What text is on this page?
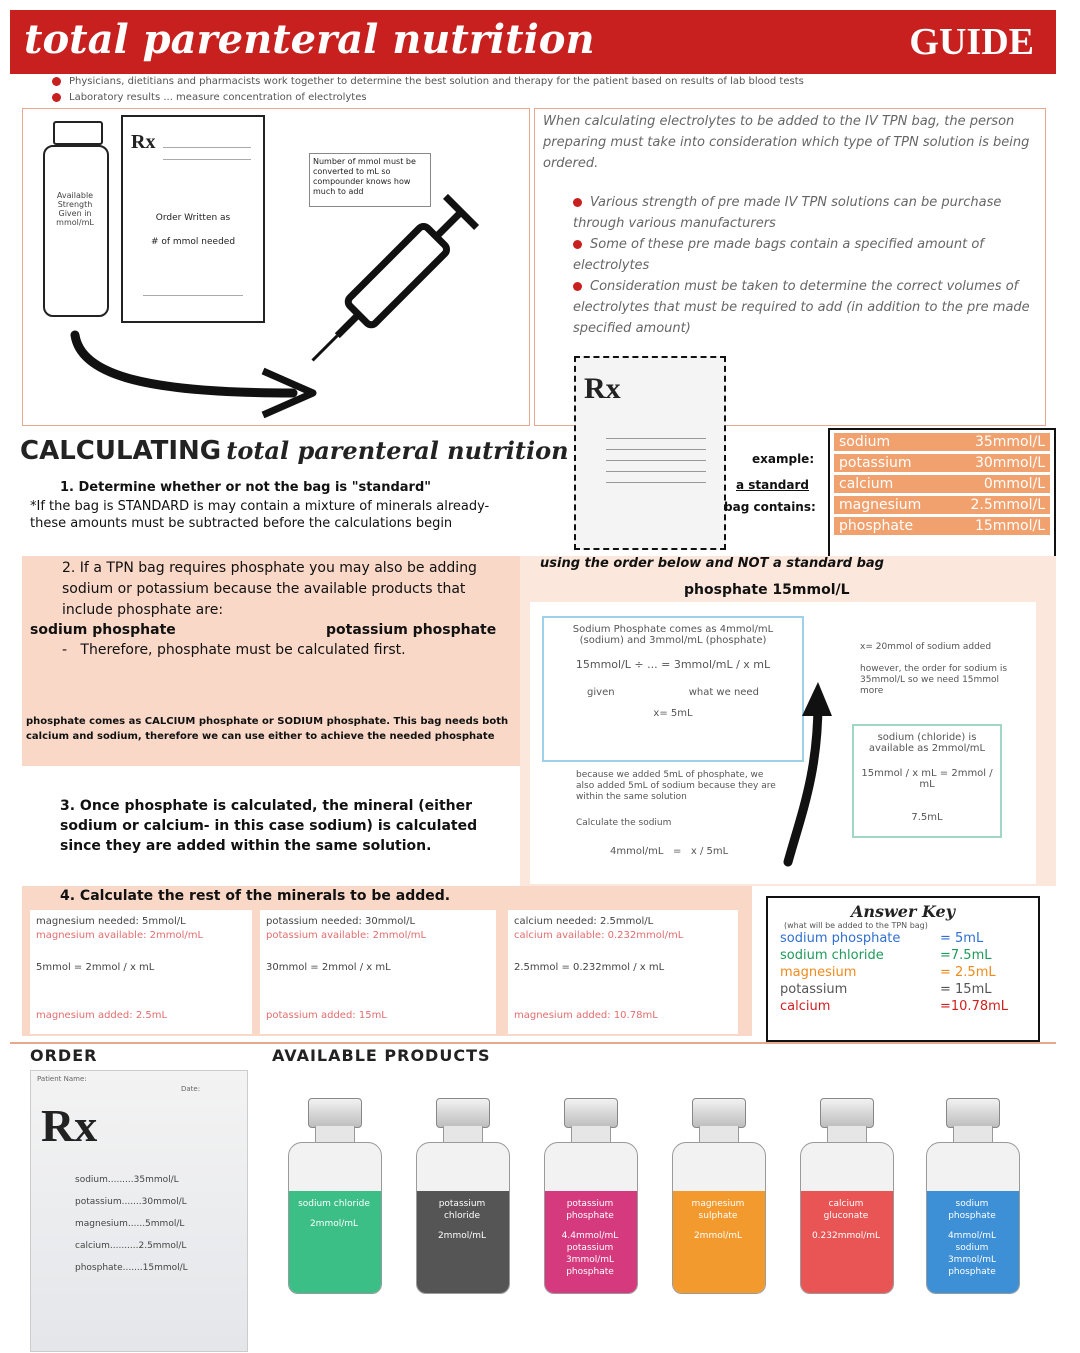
total parenteral nutrition	GUIDE
Physicians, dietitians and pharmacists work together to determine the best solution and therapy for the patient based on results of lab blood tests
Laboratory results ... measure concentration of electrolytes
Available Strength Given in mmol/mL
Rx
Order Written as
# of mmol needed
Number of mmol must be converted to mL so compounder knows how much to add
When calculating electrolytes to be added to the IV TPN bag, the person preparing must take into consideration which type of TPN solution is being ordered.
Various strength of pre made IV TPN solutions can be purchase through various manufacturers
Some of these pre made bags contain a specified amount of electrolytes
Consideration must be taken to determine the correct volumes of electrolytes that must be required to add (in addition to the pre made specified amount)
CALCULATING total parenteral nutrition
1. Determine whether or not the bag is "standard"
*If the bag is STANDARD is may contain a mixture of minerals already- these amounts must be subtracted before the calculations begin
Rx
example:
a standard
bag contains:
sodium	35mmol/L
potassium	30mmol/L
calcium	0mmol/L
magnesium	2.5mmol/L
phosphate	15mmol/L
2. If a TPN bag requires phosphate you may also be adding sodium or potassium because the available products that include phosphate are:
sodium phosphate	potassium phosphate
-   Therefore, phosphate must be calculated first.
phosphate comes as CALCIUM phosphate or SODIUM phosphate. This bag needs both calcium and sodium, therefore we can use either to achieve the needed phosphate
using the order below and NOT a standard bag
phosphate 15mmol/L
Sodium Phosphate comes as 4mmol/mL (sodium) and 3mmol/mL (phosphate)
15mmol/L ÷ ... = 3mmol/mL / x mL
given	what we need
x= 5mL
because we added 5mL of phosphate, we also added 5mL of sodium because they are within the same solution
Calculate the sodium
4mmol/mL   =   x / 5mL
x= 20mmol of sodium added
however, the order for sodium is 35mmol/L so we need 15mmol more
sodium (chloride) is available as 2mmol/mL
15mmol / x mL = 2mmol / mL
7.5mL
3. Once phosphate is calculated, the mineral (either sodium or calcium- in this case sodium) is calculated since they are added within the same solution.
4. Calculate the rest of the minerals to be added.
magnesium needed: 5mmol/L
magnesium available: 2mmol/mL
5mmol = 2mmol / x mL
magnesium added: 2.5mL
potassium needed: 30mmol/L
potassium available: 2mmol/mL
30mmol = 2mmol / x mL
potassium added: 15mL
calcium needed: 2.5mmol/L
calcium available: 0.232mmol/mL
2.5mmol = 0.232mmol / x mL
magnesium added: 10.78mL
Answer Key
(what will be added to the TPN bag)
sodium phosphate	= 5mL
sodium chloride	=7.5mL
magnesium	= 2.5mL
potassium	= 15mL
calcium	=10.78mL
ORDER
Patient Name:
Date:
Rx
sodium.........35mmol/L
potassium.......30mmol/L
magnesium......5mmol/L
calcium..........2.5mmol/L
phosphate.......15mmol/L
AVAILABLE PRODUCTS
sodium chloride
2mmol/mL
potassium chloride
2mmol/mL
potassium phosphate
4.4mmol/mL potassium 3mmol/mL phosphate
magnesium sulphate
2mmol/mL
calcium gluconate
0.232mmol/mL
sodium phosphate
4mmol/mL sodium 3mmol/mL phosphate
